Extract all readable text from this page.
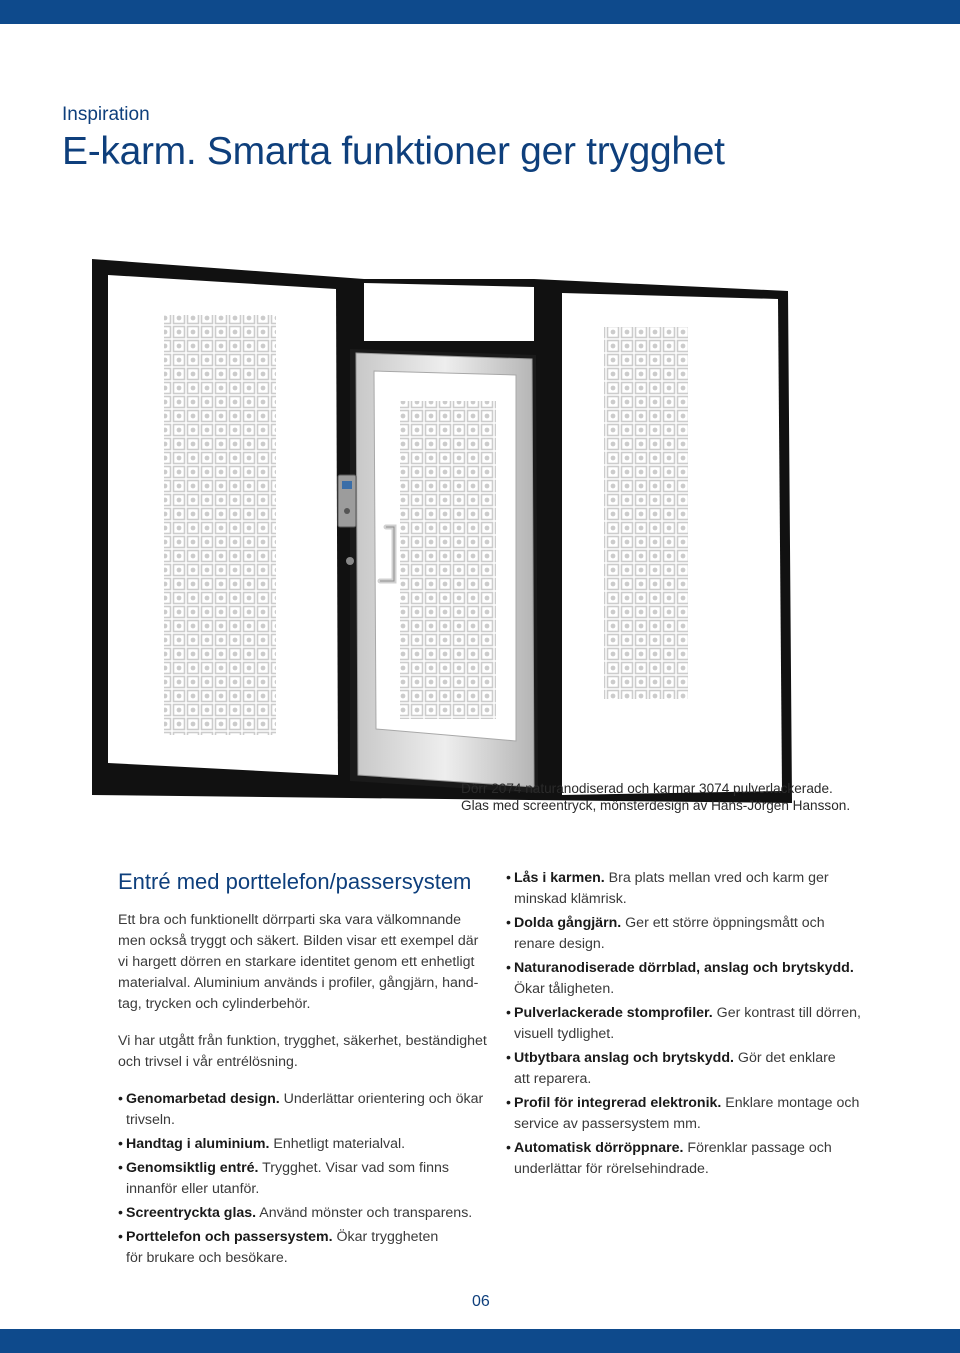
Inspiration
E-karm. Smarta funktioner ger trygghet
Dörr 2074 naturanodiserad och karmar 3074 pulverlackerade.
Glas med screentryck, mönsterdesign av Hans-Jörgen Hansson.
Entré med porttelefon/passersystem
Ett bra och funktionellt dörrparti ska vara välkomnande
men också tryggt och säkert. Bilden visar ett exempel där
vi hargett dörren en starkare identitet genom ett enhetligt
materialval. Aluminium används i profiler, gångjärn, hand-
tag, trycken och cylinderbehör.
Vi har utgått från funktion, trygghet, säkerhet, beständighet
och trivsel i vår entrélösning.
• Genomarbetad design. Underlättar orientering och ökar
trivseln.
• Handtag i aluminium. Enhetligt materialval.
• Genomsiktlig entré. Trygghet. Visar vad som finns
innanför eller utanför.
• Screentryckta glas. Använd mönster och transparens.
• Porttelefon och passersystem. Ökar tryggheten
för brukare och besökare.
• Lås i karmen. Bra plats mellan vred och karm ger
minskad klämrisk.
• Dolda gångjärn. Ger ett större öppningsmått och
renare design.
• Naturanodiserade dörrblad, anslag och brytskydd.
Ökar tåligheten.
• Pulverlackerade stomprofiler. Ger kontrast till dörren,
visuell tydlighet.
• Utbytbara anslag och brytskydd. Gör det enklare
att reparera.
• Profil för integrerad elektronik. Enklare montage och
service av passersystem mm.
• Automatisk dörröppnare. Förenklar passage och
underlättar för rörelsehindrade.
06
